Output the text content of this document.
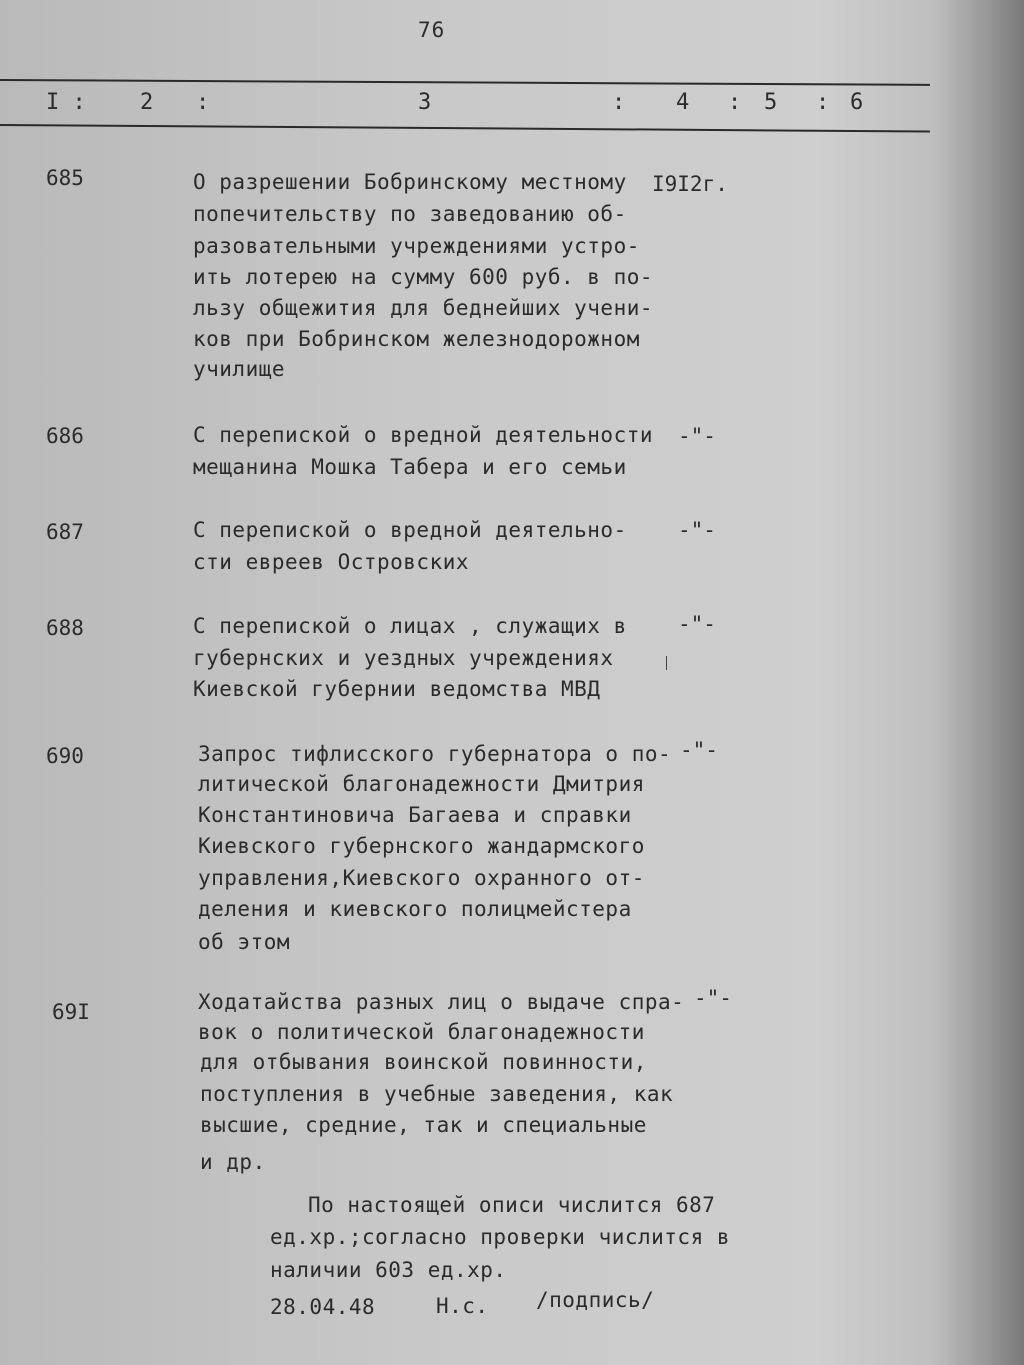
76
I : 2 :	3	: 4 : 5 : 6
685	О разрешении Бобринскому местному
попечительству по заведованию об-
разовательными учреждениями устро-
ить лотерею на сумму 600 руб. в по-
льзу общежития для беднейших учени-
ков при Бобринском железнодорожном
училище
I9I2г.
686	С перепиской о вредной деятельности
мещанина Мошка Табера и его семьи
-"-
687	С перепиской о вредной деятельно-
сти евреев Островских
-"-
688	С перепиской о лицах , служащих в
губернских и уездных учреждениях
Киевской губернии ведомства МВД
-"-
690	Запрос тифлисского губернатора о по-
литической благонадежности Дмитрия
Константиновича Багаева и справки
Киевского губернского жандармского
управления,Киевского охранного от-
деления и киевского полицмейстера
об этом
-"-
69I	Ходатайства разных лиц о выдаче спра-
вок о политической благонадежности
для отбывания воинской повинности,
поступления в учебные заведения, как
высшие, средние, так и специальные
и др.
-"-
По настоящей описи числится 687
ед.хр.;согласно проверки числится в
наличии 603 ед.хр.
28.04.48	Н.с. /подпись/
